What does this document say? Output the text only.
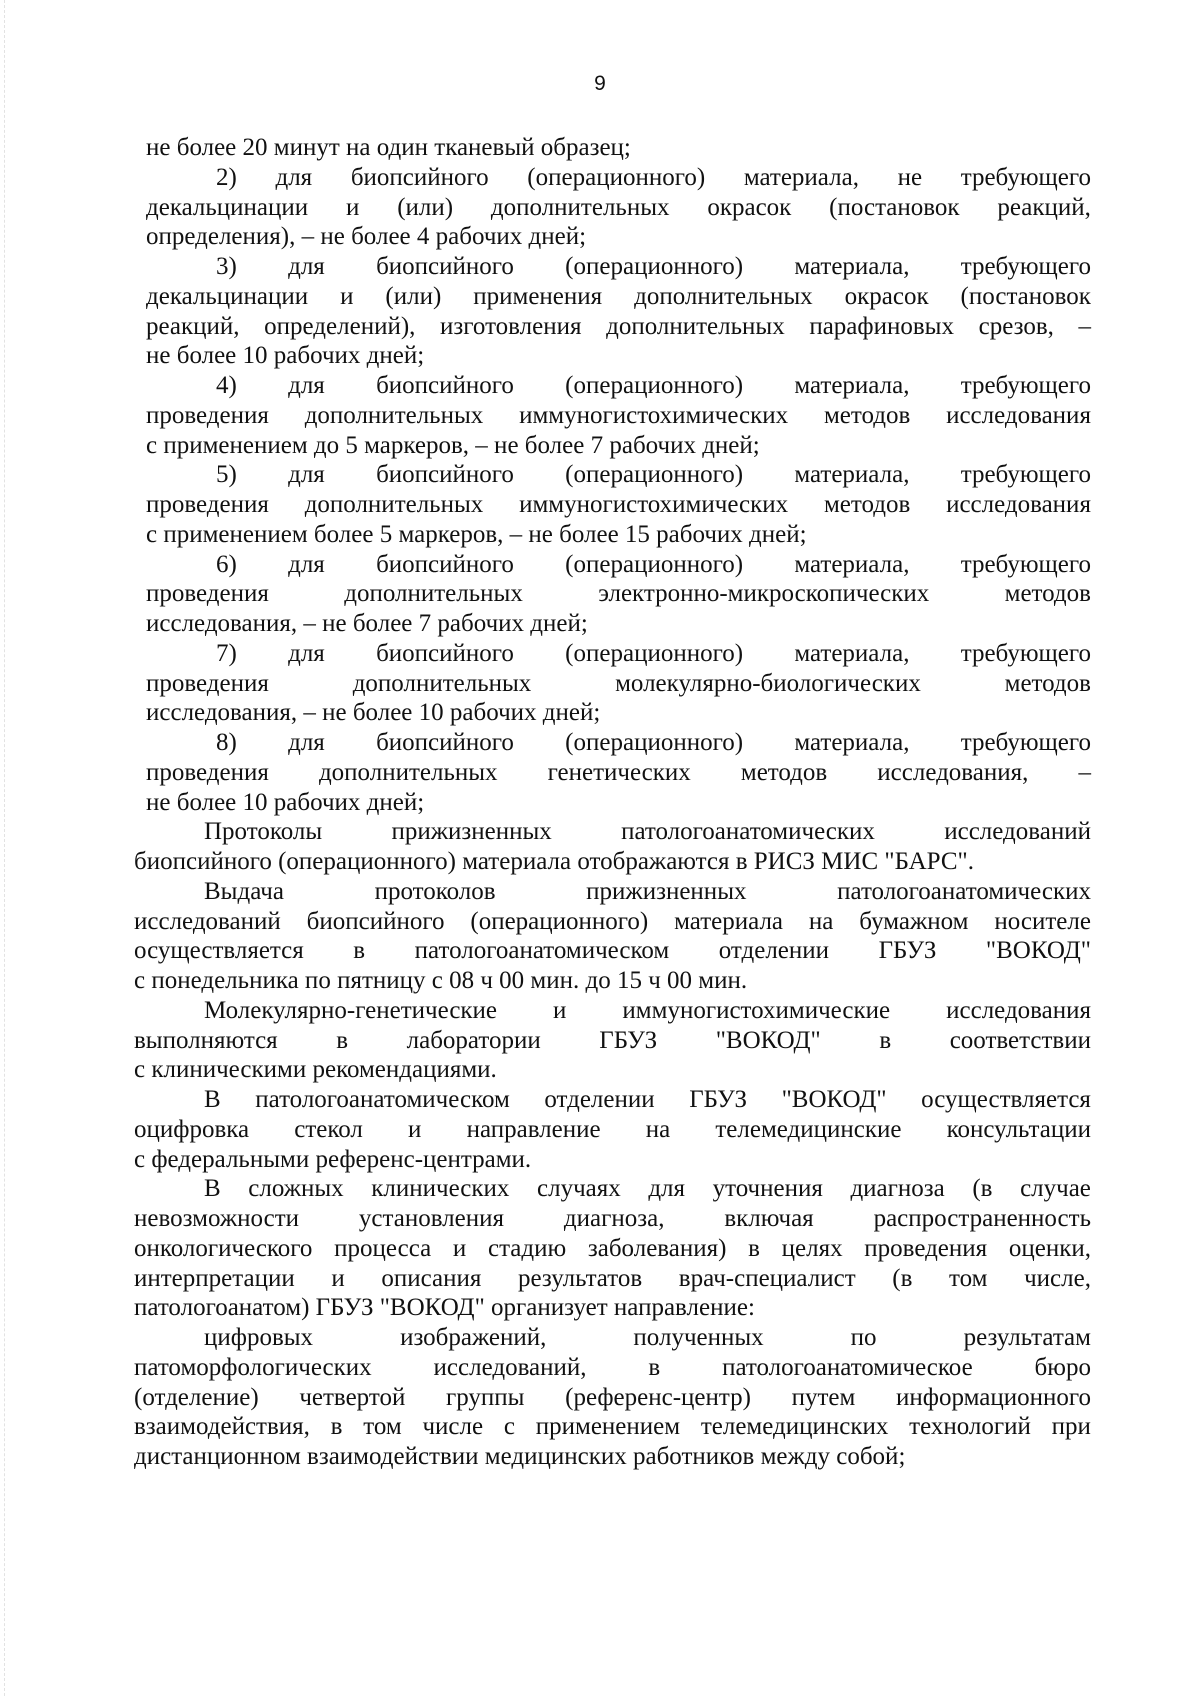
9
не более 20 минут на один тканевый образец;
2) для биопсийного (операционного) материала, не требующего
декальцинации и (или) дополнительных окрасок (постановок реакций,
определения), – не более 4 рабочих дней;
3) для биопсийного (операционного) материала, требующего
декальцинации и (или) применения дополнительных окрасок (постановок
реакций, определений), изготовления дополнительных парафиновых срезов, –
не более 10 рабочих дней;
4) для биопсийного (операционного) материала, требующего
проведения дополнительных иммуногистохимических методов исследования
с применением до 5 маркеров, – не более 7 рабочих дней;
5) для биопсийного (операционного) материала, требующего
проведения дополнительных иммуногистохимических методов исследования
с применением более 5 маркеров, – не более 15 рабочих дней;
6) для биопсийного (операционного) материала, требующего
проведения	дополнительных	электронно-микроскопических	методов
исследования, – не более 7 рабочих дней;
7) для биопсийного (операционного) материала, требующего
проведения	дополнительных	молекулярно-биологических	методов
исследования, – не более 10 рабочих дней;
8) для биопсийного (операционного) материала, требующего
проведения дополнительных генетических методов исследования, –
не более 10 рабочих дней;
Протоколы	прижизненных	патологоанатомических	исследований
биопсийного (операционного) материала отображаются в РИСЗ МИС "БАРС".
Выдача	протоколов	прижизненных	патологоанатомических
исследований биопсийного (операционного) материала на бумажном носителе
осуществляется в патологоанатомическом отделении ГБУЗ "ВОКОД"
с понедельника по пятницу с 08 ч 00 мин. до 15 ч 00 мин.
Молекулярно-генетические и иммуногистохимические исследования
выполняются в лаборатории ГБУЗ "ВОКОД" в соответствии
с клиническими рекомендациями.
В патологоанатомическом отделении ГБУЗ "ВОКОД" осуществляется
оцифровка стекол и направление на телемедицинские консультации
с федеральными референс-центрами.
В сложных клинических случаях для уточнения диагноза (в случае
невозможности установления диагноза, включая распространенность
онкологического процесса и стадию заболевания) в целях проведения оценки,
интерпретации и описания результатов врач-специалист (в том числе,
патологоанатом) ГБУЗ "ВОКОД" организует направление:
цифровых	изображений,	полученных	по	результатам
патоморфологических исследований, в патологоанатомическое бюро
(отделение) четвертой группы (референс-центр) путем информационного
взаимодействия, в том числе с применением телемедицинских технологий при
дистанционном взаимодействии медицинских работников между собой;
